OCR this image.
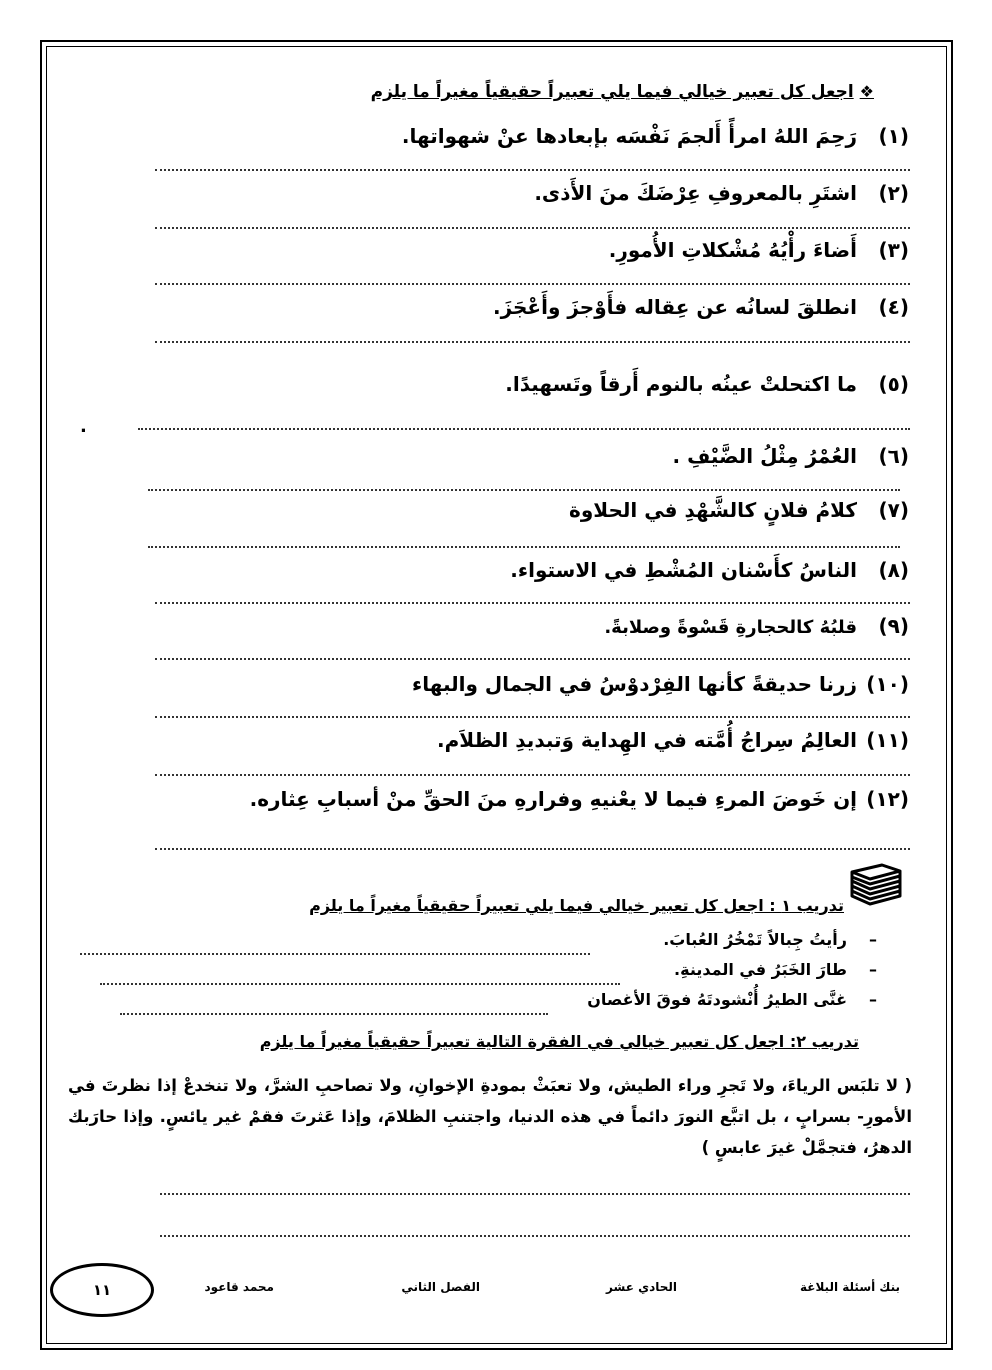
❖اجعل كل تعبير خيالي فيما يلي تعبيراً حقيقياً مغيراً ما يلزم
(١)رَحِمَ اللهُ امرأً أَلجمَ نَفْسَه بإبعادها عنْ شهواتها.
(٢)اشتَرِ بالمعروفِ عِرْضَكَ منَ الأَذى.
(٣)أَضاءَ رأْيُهُ مُشْكلاتِ الأُمورِ.
(٤)انطلقَ لسانُه عن عِقاله فأَوْجزَ وأَعْجَزَ.
(٥)ما اكتحلتْ عينُه بالنوم أَرقاً وتَسهيدًا.
.
(٦)العُمْرُ مِثْلُ الضَّيْفِ .
(٧)كلامُ فلانٍ كالشَّهْدِ في الحلاوة
(٨)الناسُ كأَسْنان المُشْطِ في الاستواء.
(٩)قلبُهُ كالحجارةِ قَسْوةً وصلابةً.
(١٠)زرنا حديقةً كأنها الفِرْدوْسُ في الجمال والبهاء
(١١)العالِمُ سِراجُ أُمَّته في الهِداية وَتبديدِ الظلاَم.
(١٢)إن خَوضَ المرءِ فيما لا يعْنيهِ وفرارهِ منَ الحقِّ منْ أسبابِ عِثاره.
تدريب ١ : اجعل كل تعبير خيالي فيما يلي تعبيراً حقيقياً مغيراً ما يلزم
–رأيتُ جِبالاً تَمْخُرُ العُبابَ.
–طارَ الخَبَرُ في المدينةِ.
–غنَّى الطيرُ أُنْشودتَهُ فوقَ الأغصان
تدريب ٢: اجعل كل تعبير خيالي في الفقرة التالية تعبيراً حقيقياً مغيراً ما يلزم
( لا تلبَس الرياءَ، ولا تَجرِ وراء الطيش، ولا تعبَثْ بمودةِ الإخوانِ، ولا تصاحبِ الشرَّ، ولا تنخدعْ إذا نظرتَ في الأمورِ- بسرابٍ ، بل اتبَّع النورَ دائماً في هذه الدنيا، واجتنبِ الظلامَ، وإذا عَثرتَ فقمْ غير يائسٍ. وإذا حارَبك الدهرُ، فتجمَّلْ غيرَ عابسٍ )
بنك أسئلة البلاغة
الحادي عشر
الفصل الثاني
محمد قاعود
١١
